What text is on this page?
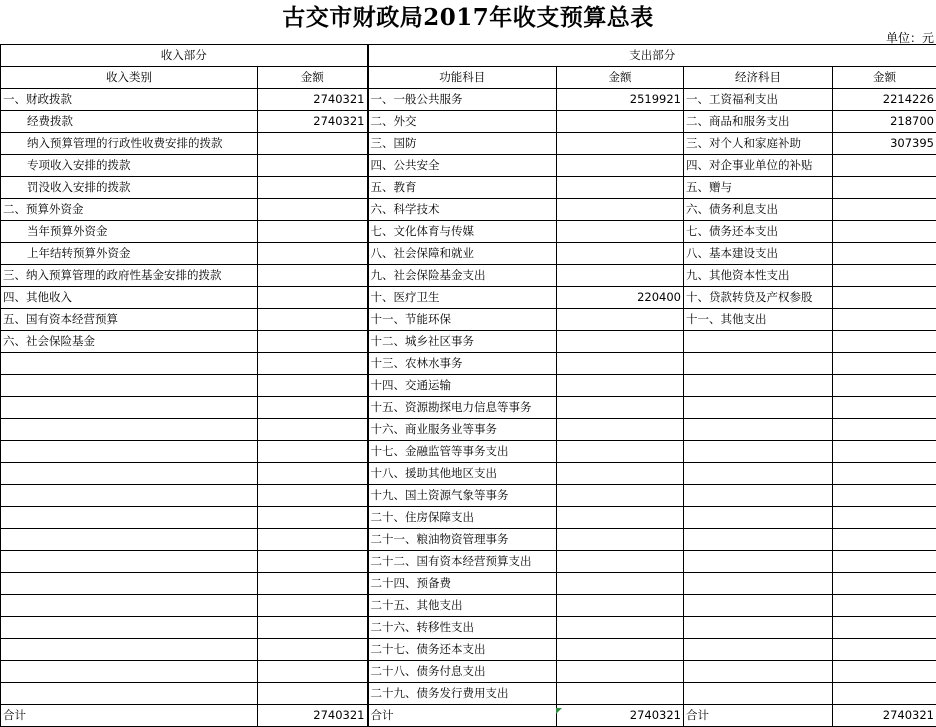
古交市财政局2017年收支预算总表
单位：元
收入部分		支出部分			
收入类别	金额	功能科目	金额	经济科目	金额
一、财政拨款	2740321	一、一般公共服务	2519921	一、工资福利支出	2214226
经费拨款	2740321	二、外交		二、商品和服务支出	218700
纳入预算管理的行政性收费安排的拨款		三、国防		三、对个人和家庭补助	307395
专项收入安排的拨款		四、公共安全		四、对企事业单位的补贴	
罚没收入安排的拨款		五、教育		五、赠与	
二、预算外资金		六、科学技术		六、债务利息支出	
当年预算外资金		七、文化体育与传媒		七、债务还本支出	
上年结转预算外资金		八、社会保障和就业		八、基本建设支出	
三、纳入预算管理的政府性基金安排的拨款		九、社会保险基金支出		九、其他资本性支出	
四、其他收入		十、医疗卫生	220400	十、贷款转贷及产权参股	
五、国有资本经营预算		十一、节能环保		十一、其他支出	
六、社会保险基金		十二、城乡社区事务			
		十三、农林水事务			
		十四、交通运输			
		十五、资源勘探电力信息等事务			
		十六、商业服务业等事务			
		十七、金融监管等事务支出			
		十八、援助其他地区支出			
		十九、国土资源气象等事务			
		二十、住房保障支出			
		二十一、粮油物资管理事务			
		二十二、国有资本经营预算支出			
		二十四、预备费			
		二十五、其他支出			
		二十六、转移性支出			
		二十七、债务还本支出			
		二十八、债务付息支出			
		二十九、债务发行费用支出			
合计	2740321	合计	2740321	合计	2740321
